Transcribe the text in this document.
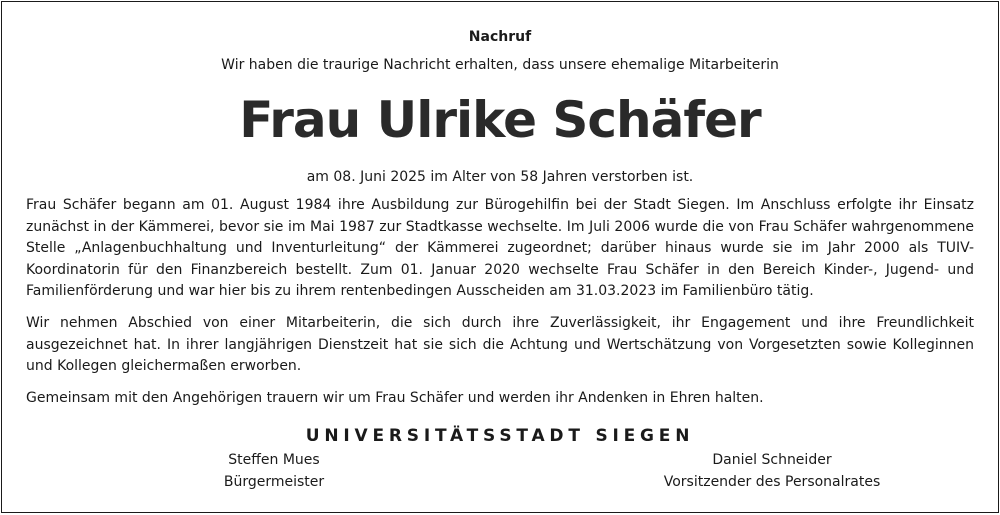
Nachruf
Wir haben die traurige Nachricht erhalten, dass unsere ehemalige Mitarbeiterin
Frau Ulrike Schäfer
am 08. Juni 2025 im Alter von 58 Jahren verstorben ist.

Frau Schäfer begann am 01. August 1984 ihre Ausbildung zur Bürogehilfin bei der Stadt Siegen. Im Anschluss erfolgte ihr Einsatz zunächst in der Kämmerei, bevor sie im Mai 1987 zur Stadtkasse wechselte. Im Juli 2006 wurde die von Frau Schäfer wahrgenommene Stelle „Anlagenbuchhaltung und Inventurleitung“ der Kämmerei zugeordnet; darüber hinaus wurde sie im Jahr 2000 als TUIV-Koordinatorin für den Finanzbereich bestellt. Zum 01. Januar 2020 wechselte Frau Schäfer in den Bereich Kinder-, Jugend- und Familienförderung und war hier bis zu ihrem rentenbedingen Ausscheiden am 31.03.2023 im Familienbüro tätig.

Wir nehmen Abschied von einer Mitarbeiterin, die sich durch ihre Zuverlässigkeit, ihr Engagement und ihre Freundlichkeit ausgezeichnet hat. In ihrer langjährigen Dienstzeit hat sie sich die Achtung und Wertschätzung von Vorgesetzten sowie Kolleginnen und Kollegen gleichermaßen erworben.

Gemeinsam mit den Angehörigen trauern wir um Frau Schäfer und werden ihr Andenken in Ehren halten.

UNIVERSITÄTSSTADT SIEGEN
Steffen Mues
Bürgermeister
Daniel Schneider
Vorsitzender des Personalrates
